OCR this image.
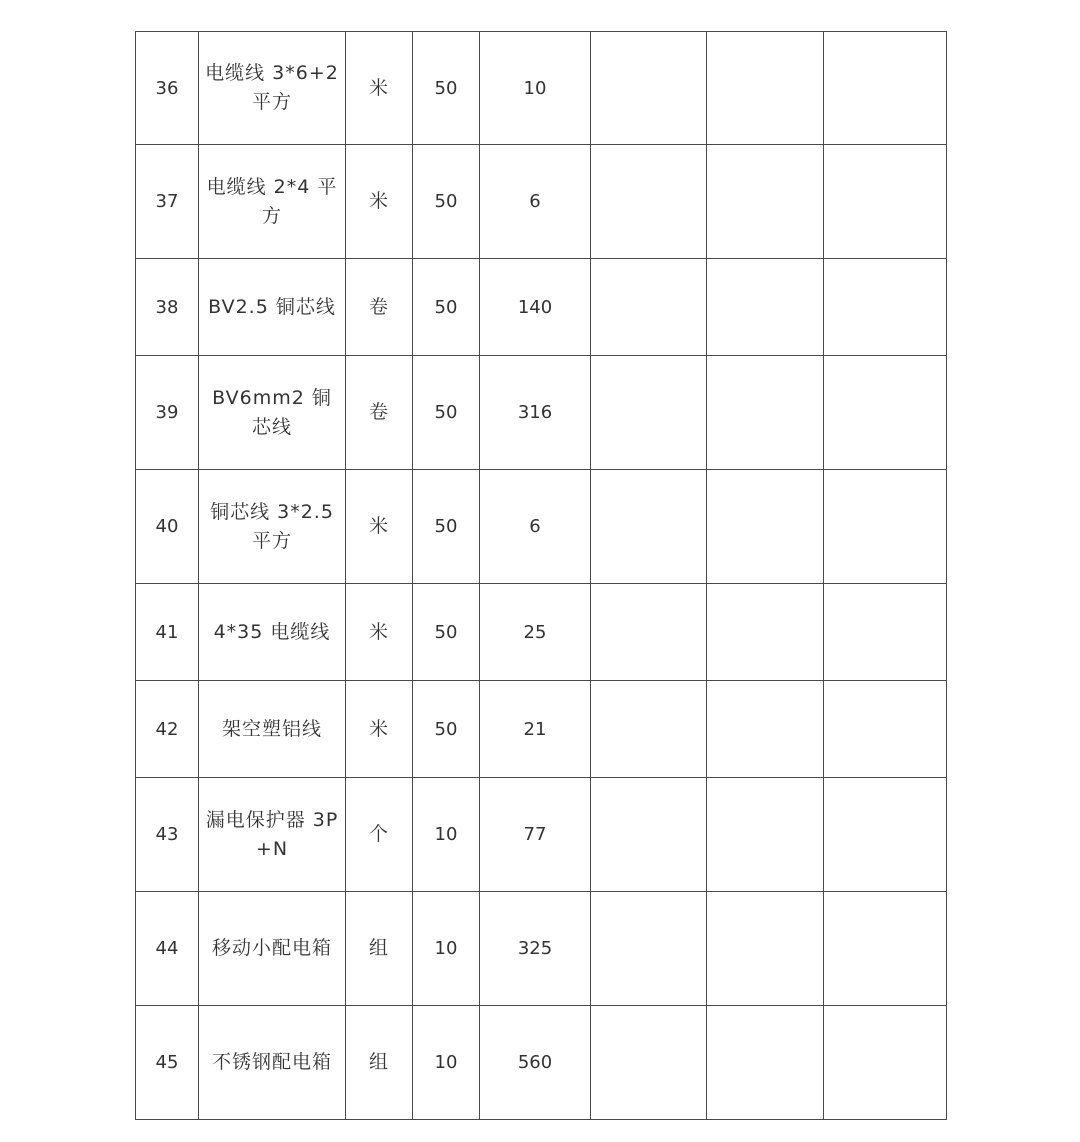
36	电缆线 3*6+2 平方	米	50	10			
37	电缆线 2*4 平方	米	50	6			
38	BV2.5 铜芯线	卷	50	140			
39	BV6mm2 铜芯线	卷	50	316			
40	铜芯线 3*2.5 平方	米	50	6			
41	4*35 电缆线	米	50	25			
42	架空塑铝线	米	50	21			
43	漏电保护器 3P+N	个	10	77			
44	移动小配电箱	组	10	325			
45	不锈钢配电箱	组	10	560			
